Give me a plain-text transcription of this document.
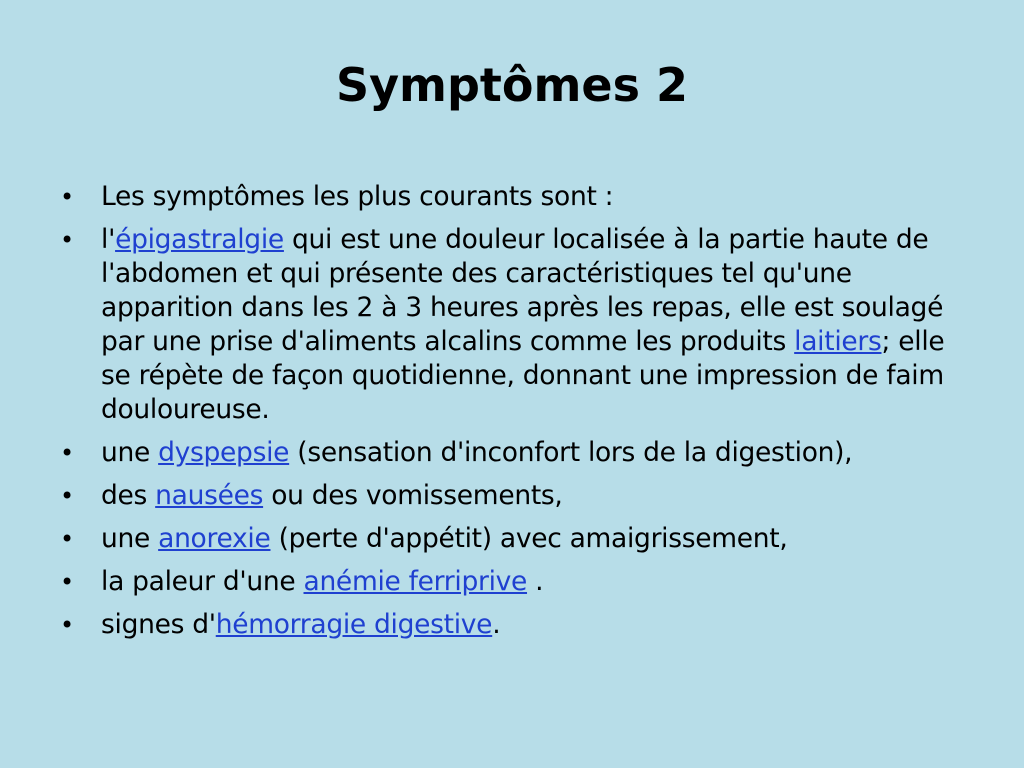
Symptômes 2
• Les symptômes les plus courants sont :
• l'épigastralgie qui est une douleur localisée à la partie haute de l'abdomen et qui présente des caractéristiques tel qu'une apparition dans les 2 à 3 heures après les repas, elle est soulagé par une prise d'aliments alcalins comme les produits laitiers; elle se répète de façon quotidienne, donnant une impression de faim douloureuse.
• une dyspepsie (sensation d'inconfort lors de la digestion),
• des nausées ou des vomissements,
• une anorexie (perte d'appétit) avec amaigrissement,
• la paleur d'une anémie ferriprive .
• signes d'hémorragie digestive.
